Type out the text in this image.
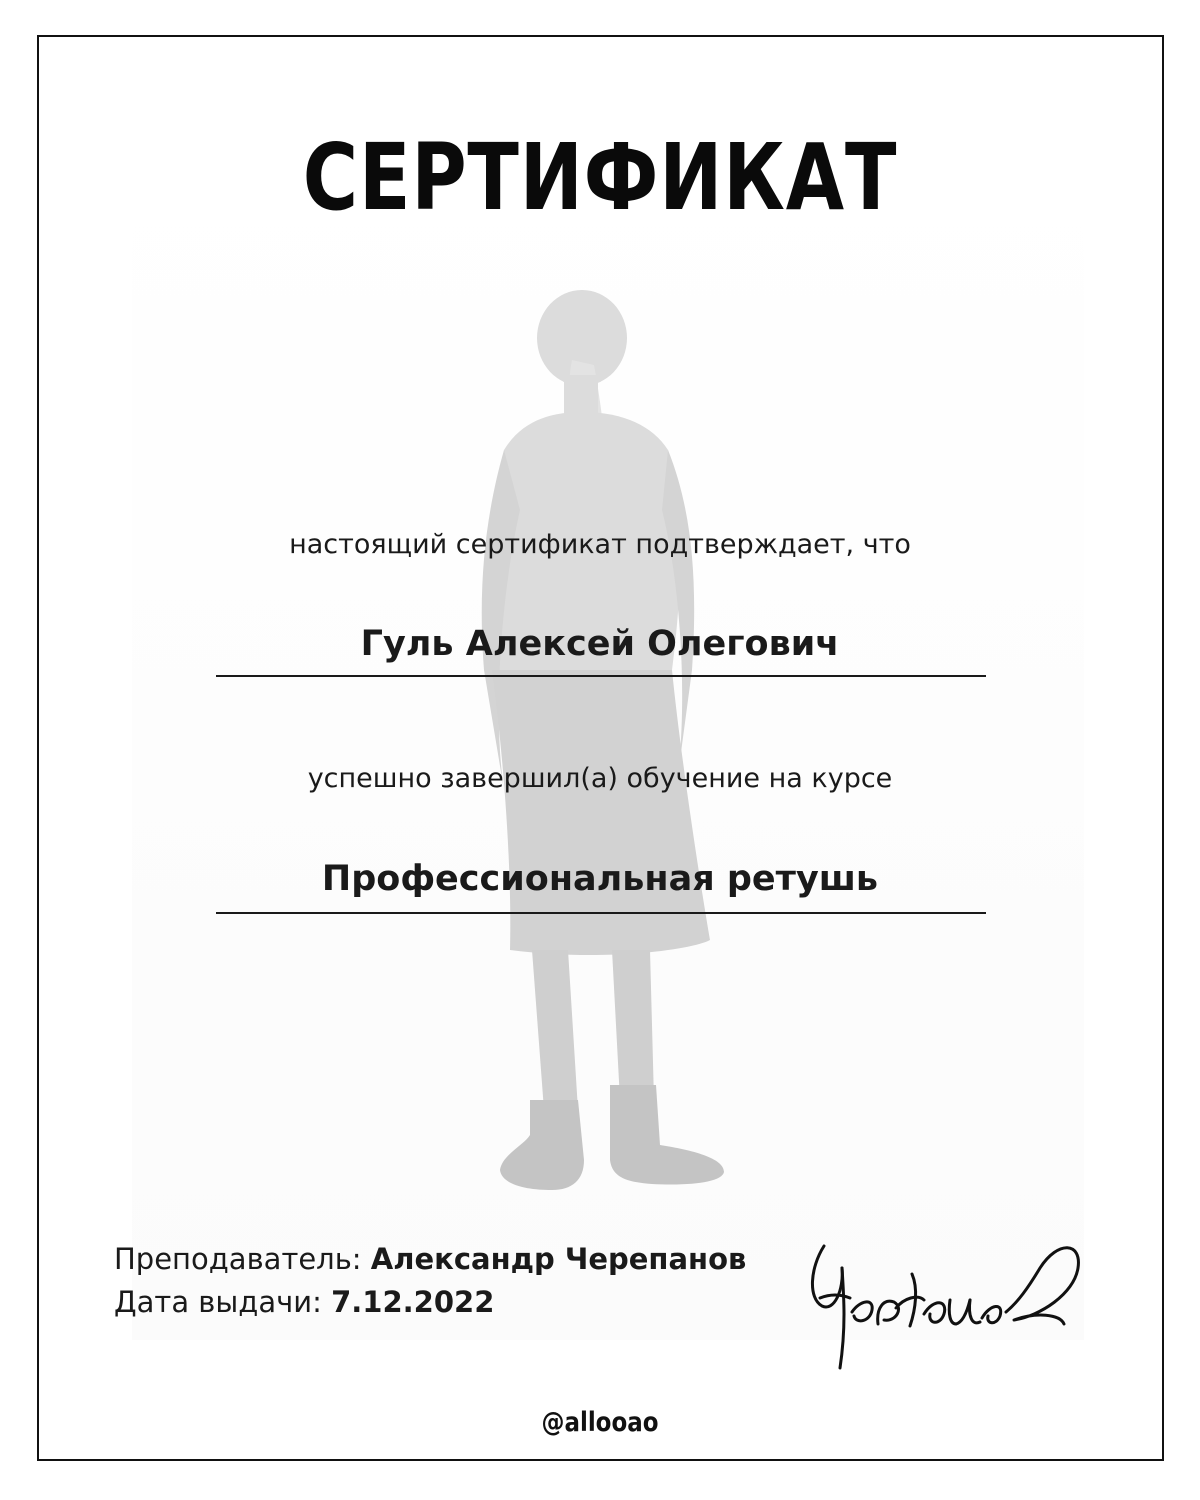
СЕРТИФИКАТ
настоящий сертификат подтверждает, что
Гуль Алексей Олегович
успешно завершил(а) обучение на курсе
Профессиональная ретушь
Преподаватель: Александр Черепанов
Дата выдачи: 7.12.2022
@allooao
